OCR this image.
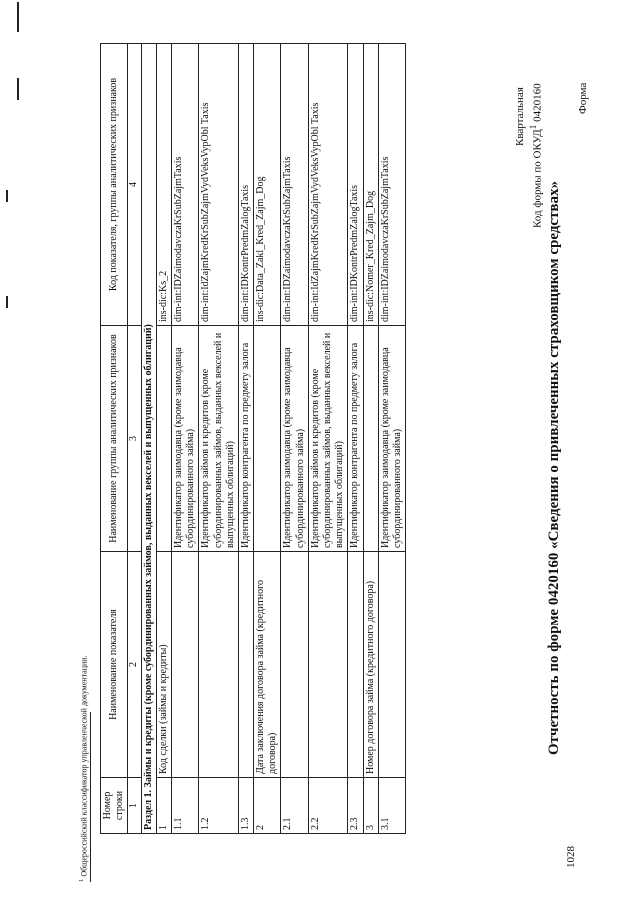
1028
Форма
Отчетность по форме 0420160 «Сведения о привлеченных страховщиком средствах»
Код формы по ОКУД$^1$ 0420160
Квартальная
Номер строки	Наименование показателя	Наименование группы аналитических признаков	Код показателя, группы аналитических признаков
1	2	3	4
Раздел 1. Займы и кредиты (кроме субординированных займов, выданных векселей и выпущенных облигаций)			
1	Код сделки (займы и кредиты)		ins-dic:Ks_2
1.1		Идентификатор заимодавца (кроме заимодавца субординированного займа)	dim-int:IDZaimodavczaKrSubZajmTaxis
1.2		Идентификатор займов и кредитов (кроме субординированных займов, выданных векселей и выпущенных облигаций)	dim-int:IdZajmKredKrSubZajmVydVeksVypObl Taxis
1.3		Идентификатор контрагента по предмету залога	dim-int:IDKontrPredmZalogTaxis
2	Дата заключения договора займа (кредитного договора)		ins-dic:Data_Zakl_Kred_Zajm_Dog
2.1		Идентификатор заимодавца (кроме заимодавца субординированного займа)	dim-int:IDZaimodavczaKrSubZajmTaxis
2.2		Идентификатор займов и кредитов (кроме субординированных займов, выданных векселей и выпущенных облигаций)	dim-int:IdZajmKredKrSubZajmVydVeksVypObl Taxis
2.3		Идентификатор контрагента по предмету залога	dim-int:IDKontrPredmZalogTaxis
3	Номер договора займа (кредитного договора)		ins-dic:Nomer_Kred_Zajm_Dog
3.1		Идентификатор заимодавца (кроме заимодавца субординированного займа)	dim-int:IDZaimodavczaKrSubZajmTaxis
$^1$ Общероссийский классификатор управленческой документации.
